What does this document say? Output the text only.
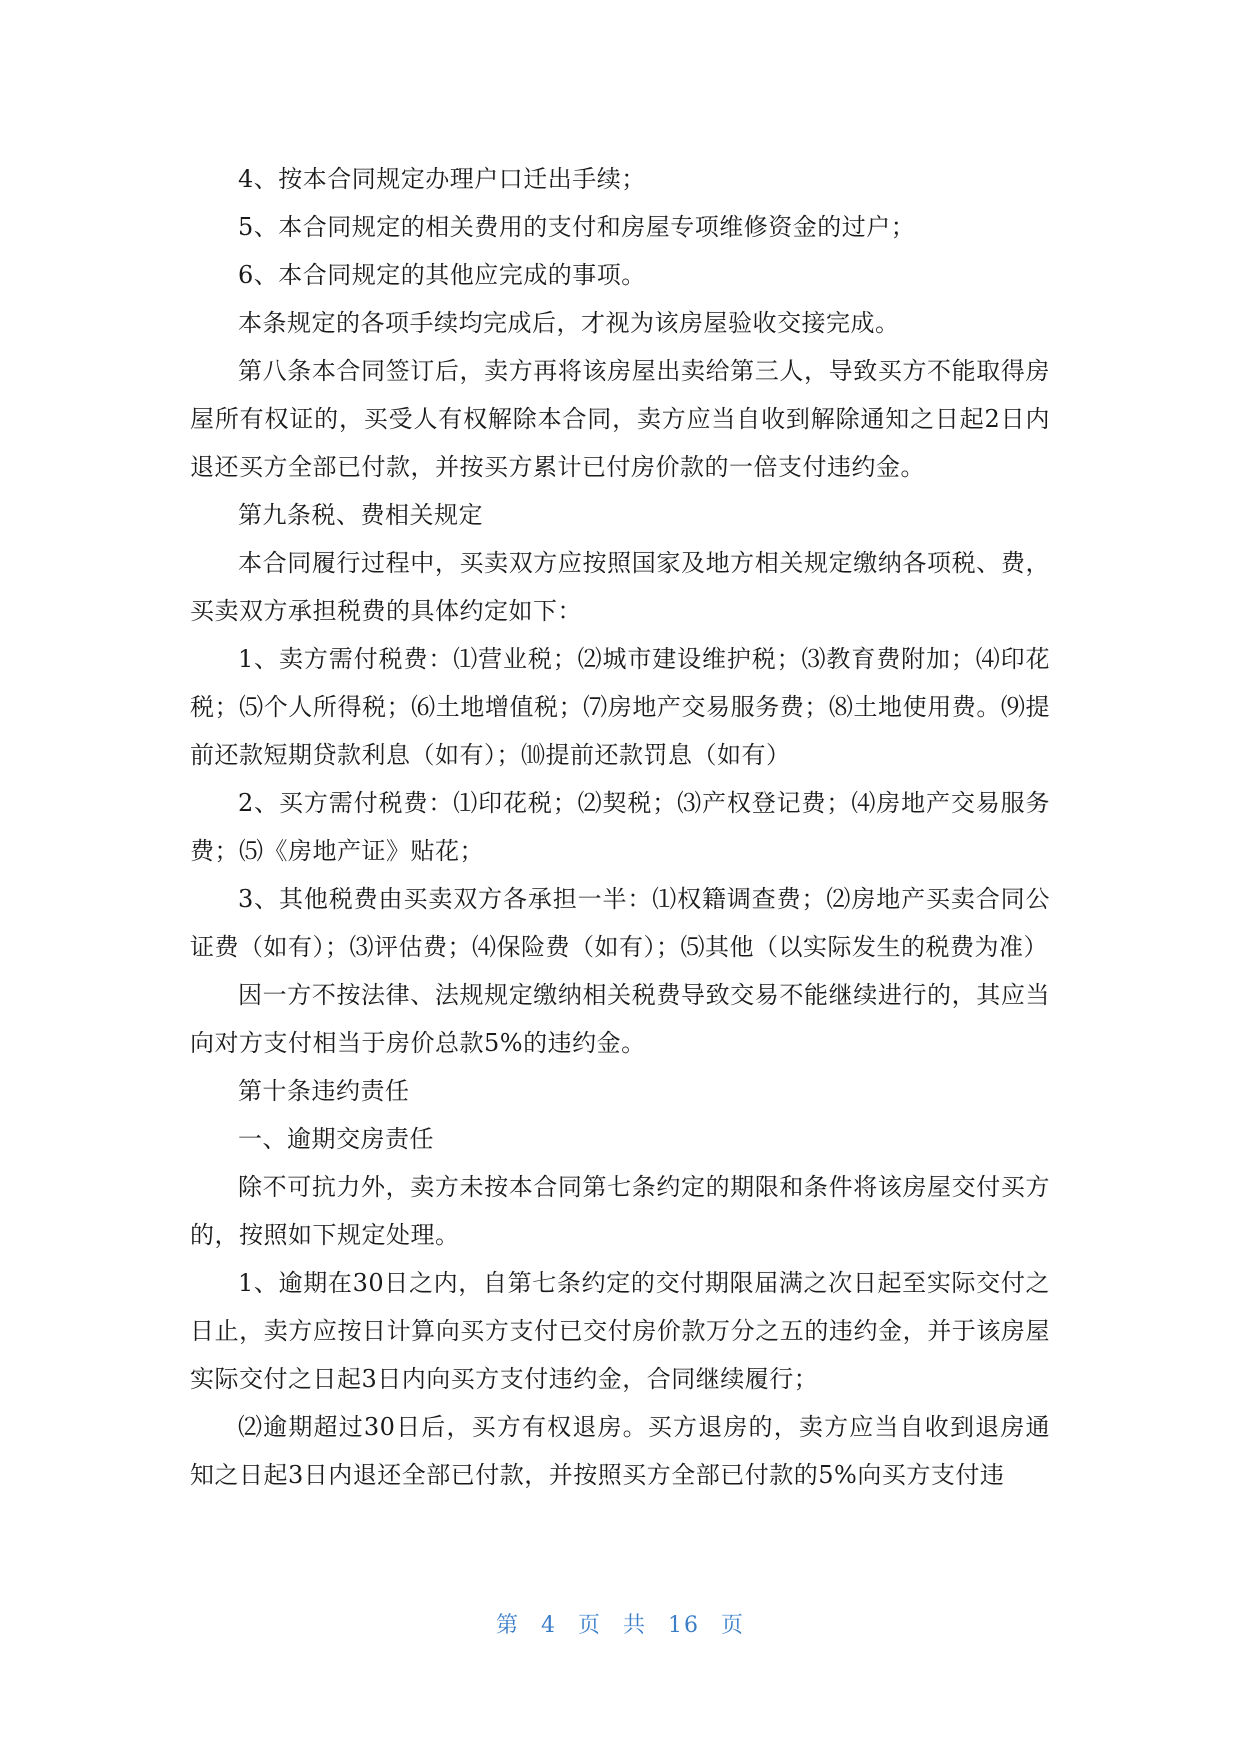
4、按本合同规定办理户口迁出手续；

5、本合同规定的相关费用的支付和房屋专项维修资金的过户；

6、本合同规定的其他应完成的事项。

本条规定的各项手续均完成后，才视为该房屋验收交接完成。

第八条本合同签订后，卖方再将该房屋出卖给第三人，导致买方不能取得房屋所有权证的，买受人有权解除本合同，卖方应当自收到解除通知之日起2日内退还买方全部已付款，并按买方累计已付房价款的一倍支付违约金。

第九条税、费相关规定

本合同履行过程中，买卖双方应按照国家及地方相关规定缴纳各项税、费，买卖双方承担税费的具体约定如下：

1、卖方需付税费：⑴营业税；⑵城市建设维护税；⑶教育费附加；⑷印花税；⑸个人所得税；⑹土地增值税；⑺房地产交易服务费；⑻土地使用费。⑼提前还款短期贷款利息（如有）；⑽提前还款罚息（如有）

2、买方需付税费：⑴印花税；⑵契税；⑶产权登记费；⑷房地产交易服务费；⑸《房地产证》贴花；

3、其他税费由买卖双方各承担一半：⑴权籍调查费；⑵房地产买卖合同公证费（如有）；⑶评估费；⑷保险费（如有）；⑸其他（以实际发生的税费为准）

因一方不按法律、法规规定缴纳相关税费导致交易不能继续进行的，其应当向对方支付相当于房价总款5%的违约金。

第十条违约责任

一、逾期交房责任

除不可抗力外，卖方未按本合同第七条约定的期限和条件将该房屋交付买方的，按照如下规定处理。

1、逾期在30日之内，自第七条约定的交付期限届满之次日起至实际交付之日止，卖方应按日计算向买方支付已交付房价款万分之五的违约金，并于该房屋实际交付之日起3日内向买方支付违约金，合同继续履行；

⑵逾期超过30日后，买方有权退房。买方退房的，卖方应当自收到退房通知之日起3日内退还全部已付款，并按照买方全部已付款的5%向买方支付违

第 4 页 共 16 页
